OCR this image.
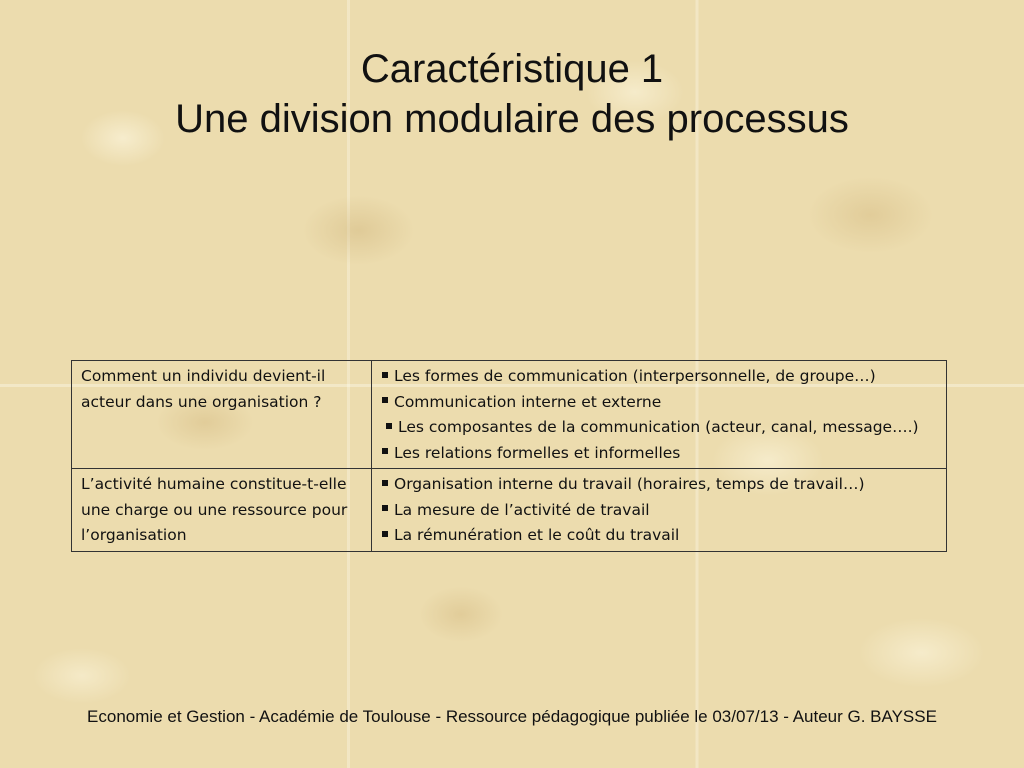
Caractéristique 1
Une division modulaire des processus
Comment un individu devient-il acteur dans une organisation ?	Les formes de communication (interpersonnelle, de groupe…)
Communication interne et externe
Les composantes de la communication (acteur, canal, message….)
Les relations formelles et informelles

L’activité humaine constitue-t-elle une charge ou une ressource pour l’organisation	Organisation interne du travail (horaires, temps de travail…)
La mesure de l’activité de travail
La rémunération et le coût du travail
Economie et Gestion - Académie de Toulouse - Ressource pédagogique publiée le 03/07/13 - Auteur G. BAYSSE
